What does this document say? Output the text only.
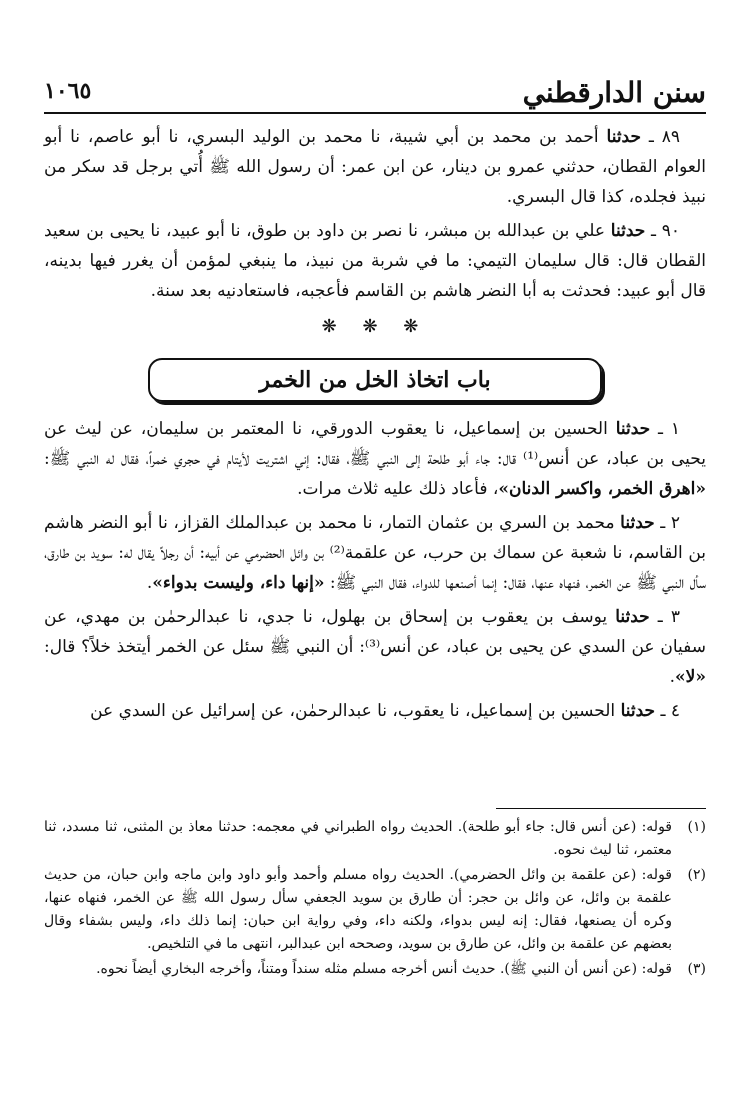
سنن الدارقطني
١٠٦٥

٨٩ ـ حدثنا أحمد بن محمد بن أبي شيبة، نا محمد بن الوليد البسري، نا أبو عاصم، نا أبو العوام القطان، حدثني عمرو بن دينار، عن ابن عمر: أن رسول الله ﷺ أُتي برجل قد سكر من نبيذ فجلده، كذا قال البسري.

٩٠ ـ حدثنا علي بن عبدالله بن مبشر، نا نصر بن داود بن طوق، نا أبو عبيد، نا يحيى بن سعيد القطان قال: قال سليمان التيمي: ما في شربة من نبيذ، ما ينبغي لمؤمن أن يغرر فيها بدينه، قال أبو عبيد: فحدثت به أبا النضر هاشم بن القاسم فأعجبه، فاستعادنيه بعد سنة.

❋ ❋ ❋
باب اتخاذ الخل من الخمر

١ ـ حدثنا الحسين بن إسماعيل، نا يعقوب الدورقي، نا المعتمر بن سليمان، عن ليث عن يحيى بن عباد، عن أنس⁽¹⁾ قال: جاء أبو طلحة إلى النبي ﷺ، فقال: إني اشتريت لأيتام في حجري خمراً، فقال له النبي ﷺ: «اهرق الخمر، واكسر الدنان»، فأعاد ذلك عليه ثلاث مرات.

٢ ـ حدثنا محمد بن السري بن عثمان التمار، نا محمد بن عبدالملك القزاز، نا أبو النضر هاشم بن القاسم، نا شعبة عن سماك بن حرب، عن علقمة⁽²⁾ بن وائل الحضرمي عن أبيه: أن رجلاً يقال له: سويد بن طارق، سأل النبي ﷺ عن الخمر، فنهاه عنها، فقال: إنما أصنعها للدواء، فقال النبي ﷺ: «إنها داء، وليست بدواء».

٣ ـ حدثنا يوسف بن يعقوب بن إسحاق بن بهلول، نا جدي، نا عبدالرحمٰن بن مهدي، عن سفيان عن السدي عن يحيى بن عباد، عن أنس⁽³⁾: أن النبي ﷺ سئل عن الخمر أيتخذ خلاً؟ قال: «لا».

٤ ـ حدثنا الحسين بن إسماعيل، نا يعقوب، نا عبدالرحمٰن، عن إسرائيل عن السدي عن

(١)
قوله: (عن أنس قال: جاء أبو طلحة). الحديث رواه الطبراني في معجمه: حدثنا معاذ بن المثنى، ثنا مسدد، ثنا معتمر، ثنا ليث نحوه.

(٢)
قوله: (عن علقمة بن وائل الحضرمي). الحديث رواه مسلم وأحمد وأبو داود وابن ماجه وابن حبان، من حديث علقمة بن وائل، عن وائل بن حجر: أن طارق بن سويد الجعفي سأل رسول الله ﷺ عن الخمر، فنهاه عنها، وكره أن يصنعها، فقال: إنه ليس بدواء، ولكنه داء، وفي رواية ابن حبان: إنما ذلك داء، وليس بشفاء وقال بعضهم عن علقمة بن وائل، عن طارق بن سويد، وصححه ابن عبدالبر، انتهى ما في التلخيص.

(٣)
قوله: (عن أنس أن النبي ﷺ). حديث أنس أخرجه مسلم مثله سنداً ومتناً، وأخرجه البخاري أيضاً نحوه.
